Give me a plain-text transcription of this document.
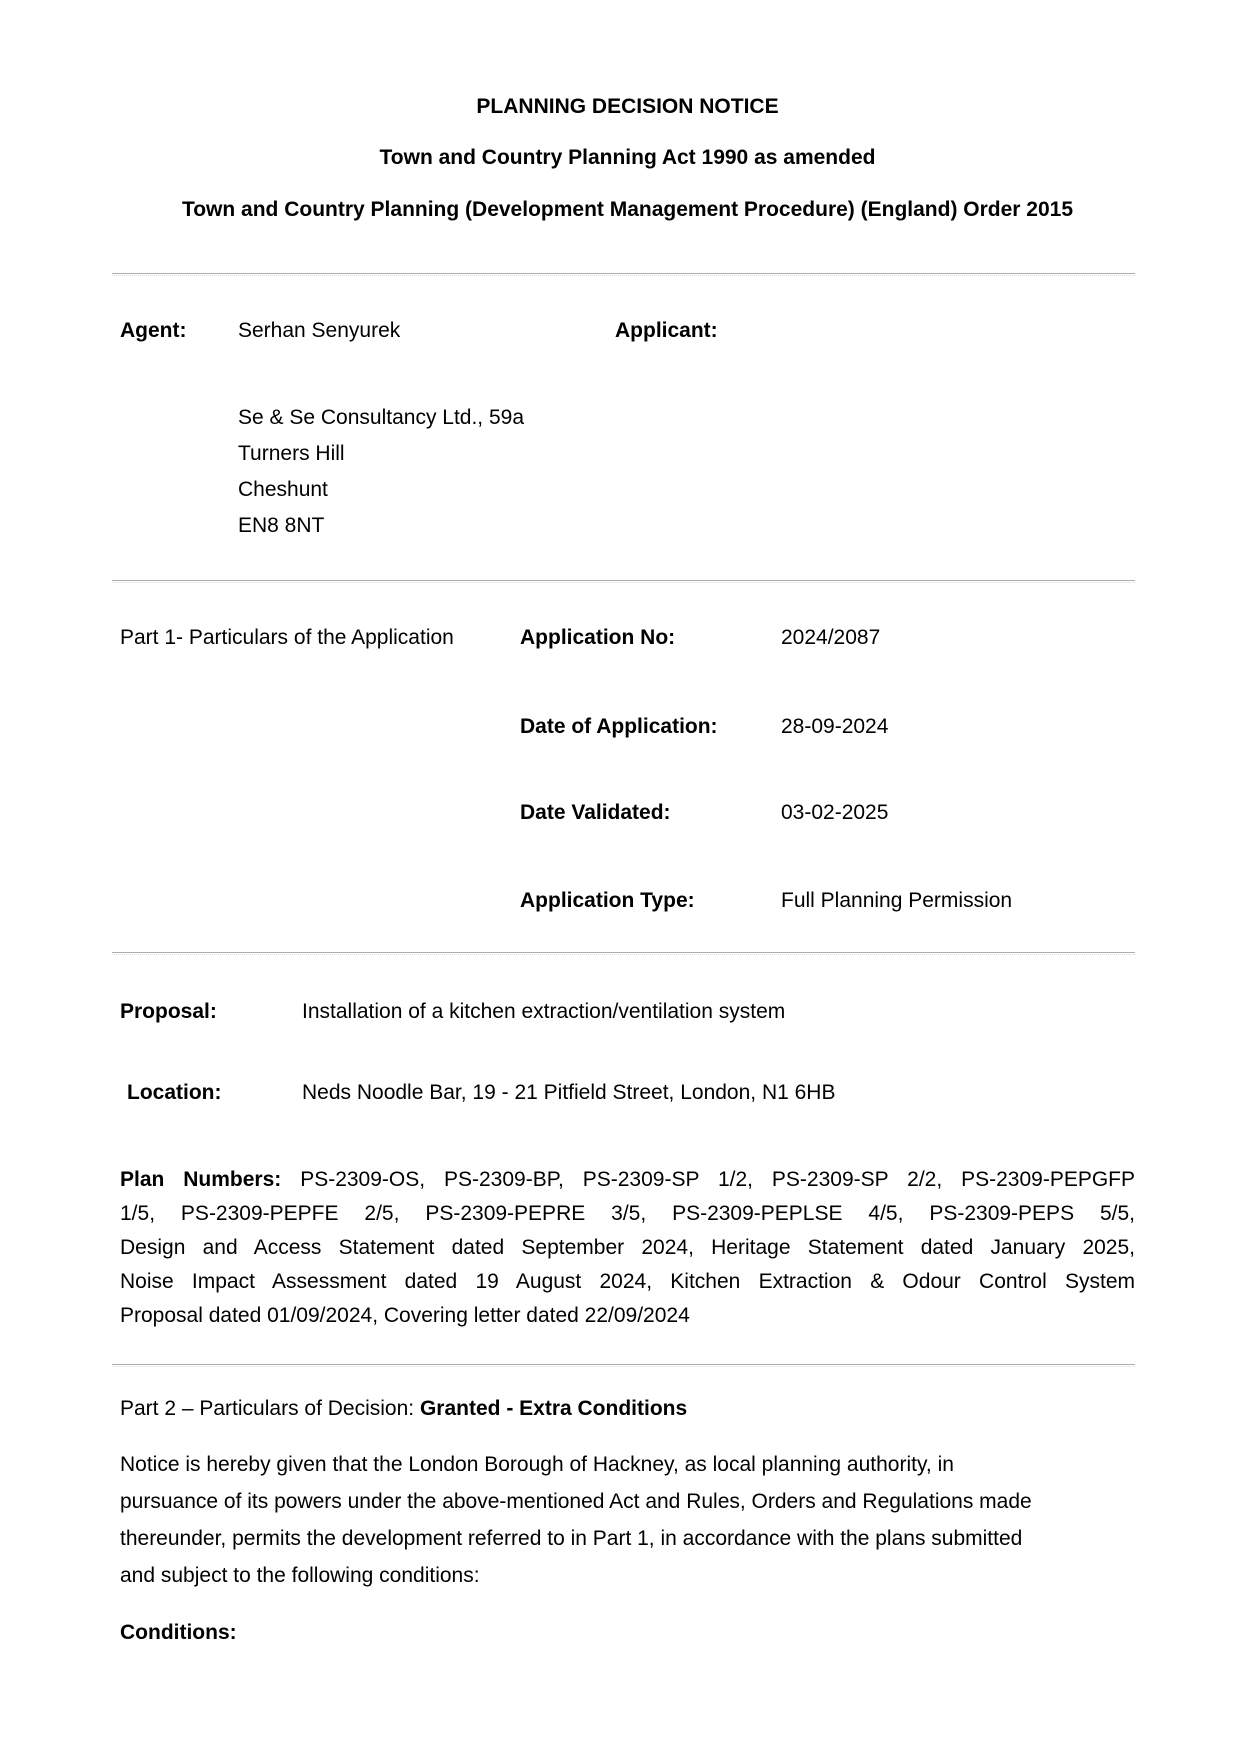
PLANNING DECISION NOTICE
Town and Country Planning Act 1990 as amended
Town and Country Planning (Development Management Procedure) (England) Order 2015
Agent: Serhan Senyurek	Applicant:
Se & Se Consultancy Ltd., 59a
Turners Hill
Cheshunt
EN8 8NT
Part 1- Particulars of the Application	Application No:	2024/2087
Date of Application:	28-09-2024
Date Validated:	03-02-2025
Application Type:	Full Planning Permission
Proposal:	Installation of a kitchen extraction/ventilation system
Location:	Neds Noodle Bar, 19 - 21 Pitfield Street, London, N1 6HB
Plan Numbers: PS-2309-OS, PS-2309-BP, PS-2309-SP 1/2, PS-2309-SP 2/2, PS-2309-PEPGFP
1/5, PS-2309-PEPFE 2/5, PS-2309-PEPRE 3/5, PS-2309-PEPLSE 4/5, PS-2309-PEPS 5/5,
Design and Access Statement dated September 2024, Heritage Statement dated January 2025,
Noise Impact Assessment dated 19 August 2024, Kitchen Extraction & Odour Control System
Proposal dated 01/09/2024, Covering letter dated 22/09/2024
Part 2 – Particulars of Decision: Granted - Extra Conditions
Notice is hereby given that the London Borough of Hackney, as local planning authority, in
pursuance of its powers under the above-mentioned Act and Rules, Orders and Regulations made
thereunder, permits the development referred to in Part 1, in accordance with the plans submitted
and subject to the following conditions:
Conditions:
